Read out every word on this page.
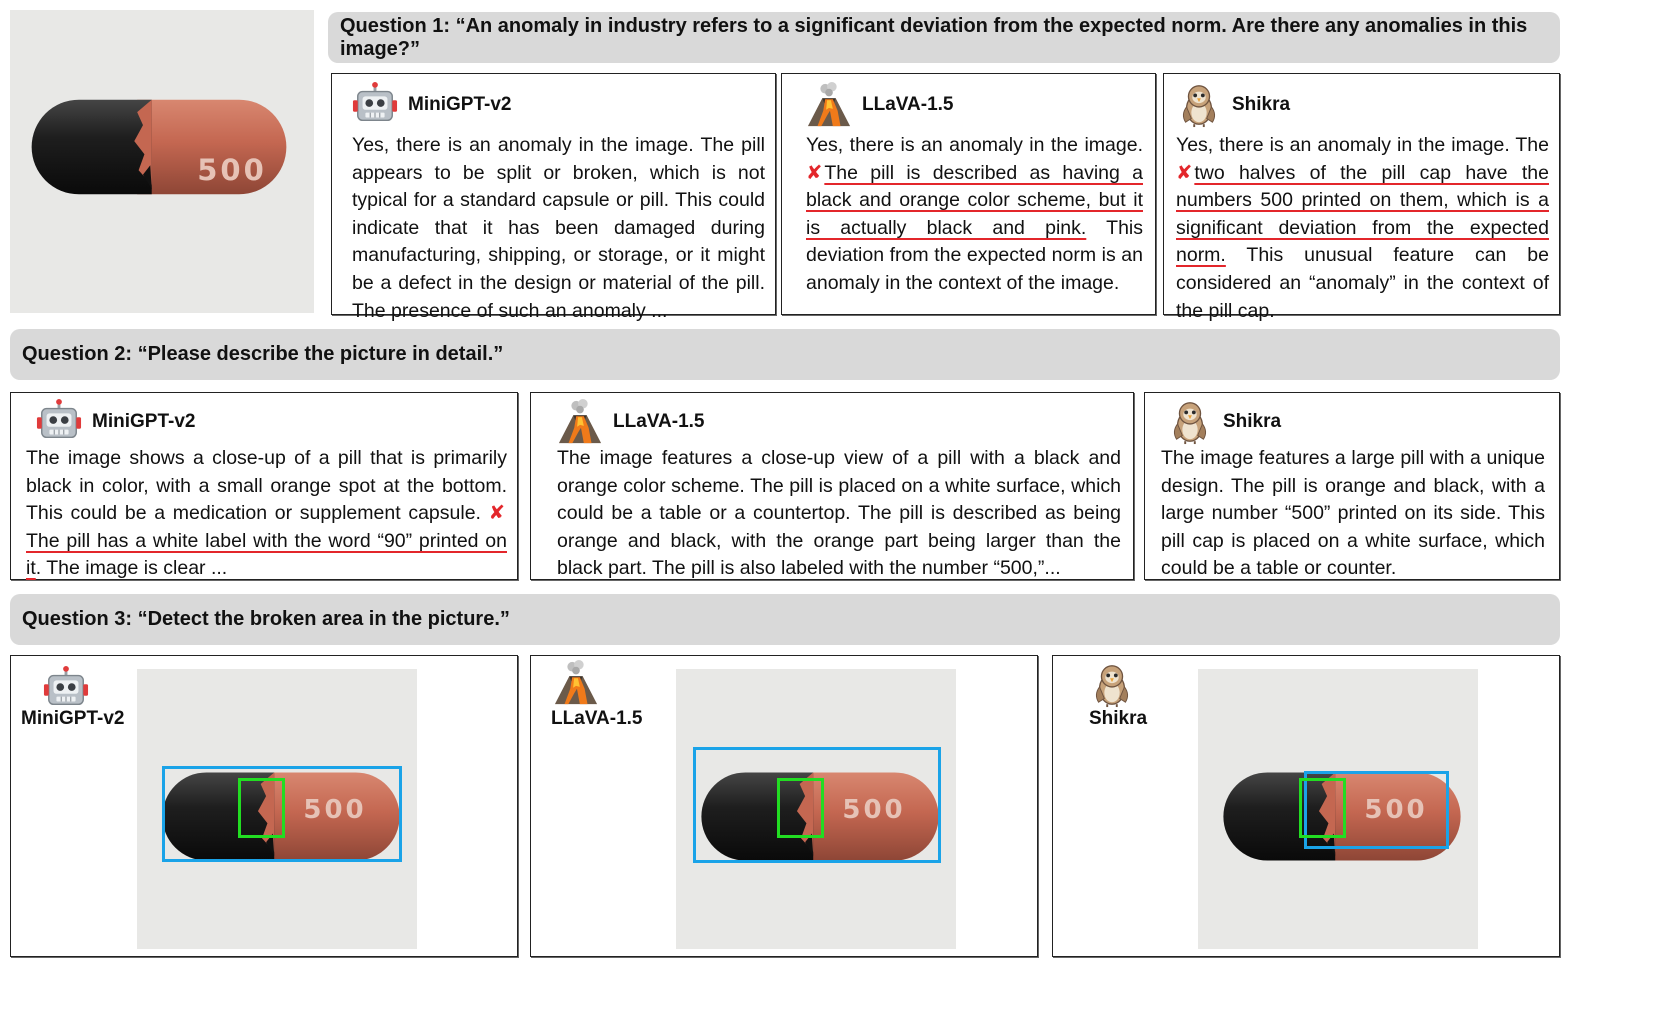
500
Question 1: “An anomaly in industry refers to a significant deviation from the expected norm. Are there any anomalies in this image?”
MiniGPT-v2
Yes, there is an anomaly in the image. The pill appears to be split or broken, which is not typical for a standard capsule or pill. This could indicate that it has been damaged during manufacturing, shipping, or storage, or it might be a defect in the design or material of the pill. The presence of such an anomaly ...
LLaVA-1.5
Yes, there is an anomaly in the image. ✘ The pill is described as having a black and orange color scheme, but it is actually black and pink. This deviation from the expected norm is an anomaly in the context of the image.
Shikra
Yes, there is an anomaly in the image. The ✘ two halves of the pill cap have the numbers 500 printed on them, which is a significant deviation from the expected norm. This unusual feature can be considered an “anomaly” in the context of the pill cap.
Question 2: “Please describe the picture in detail.”
MiniGPT-v2
The image shows a close-up of a pill that is primarily black in color, with a small orange spot at the bottom. This could be a medication or supplement capsule. ✘ The pill has a white label with the word “90” printed on it. The image is clear ...
LLaVA-1.5
The image features a close-up view of a pill with a black and orange color scheme. The pill is placed on a white surface, which could be a table or a countertop. The pill is described as being orange and black, with the orange part being larger than the black part. The pill is also labeled with the number “500,”...
Shikra
The image features a large pill with a unique design. The pill is orange and black, with a large number “500” printed on its side. This pill cap is placed on a white surface, which could be a table or counter.
Question 3: “Detect the broken area in the picture.”
MiniGPT-v2
500
LLaVA-1.5
500
Shikra
500
